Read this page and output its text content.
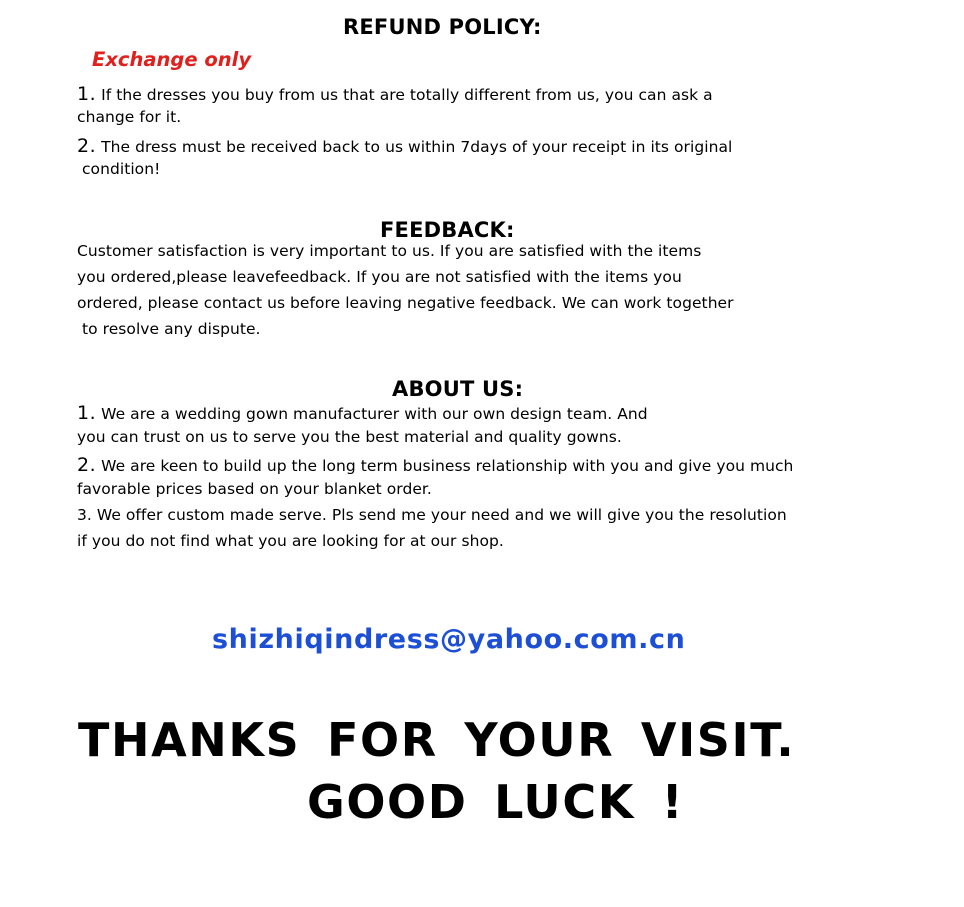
REFUND POLICY:
Exchange only
1. If the dresses you buy from us that are totally different from us, you can ask a
change for it.
2. The dress must be received back to us within 7days of your receipt in its original
condition!
FEEDBACK:
Customer satisfaction is very important to us. If you are satisfied with the items
you ordered,please leavefeedback. If you are not satisfied with the items you
ordered, please contact us before leaving negative feedback. We can work together
to resolve any dispute.
ABOUT US:
1. We are a wedding gown manufacturer with our own design team. And
you can trust on us to serve you the best material and quality gowns.
2. We are keen to build up the long term business relationship with you and give you much
favorable prices based on your blanket order.
3. We offer custom made serve. Pls send me your need and we will give you the resolution
if you do not find what you are looking for at our shop.
shizhiqindress@yahoo.com.cn
THANKS FOR YOUR VISIT.
GOOD LUCK !
